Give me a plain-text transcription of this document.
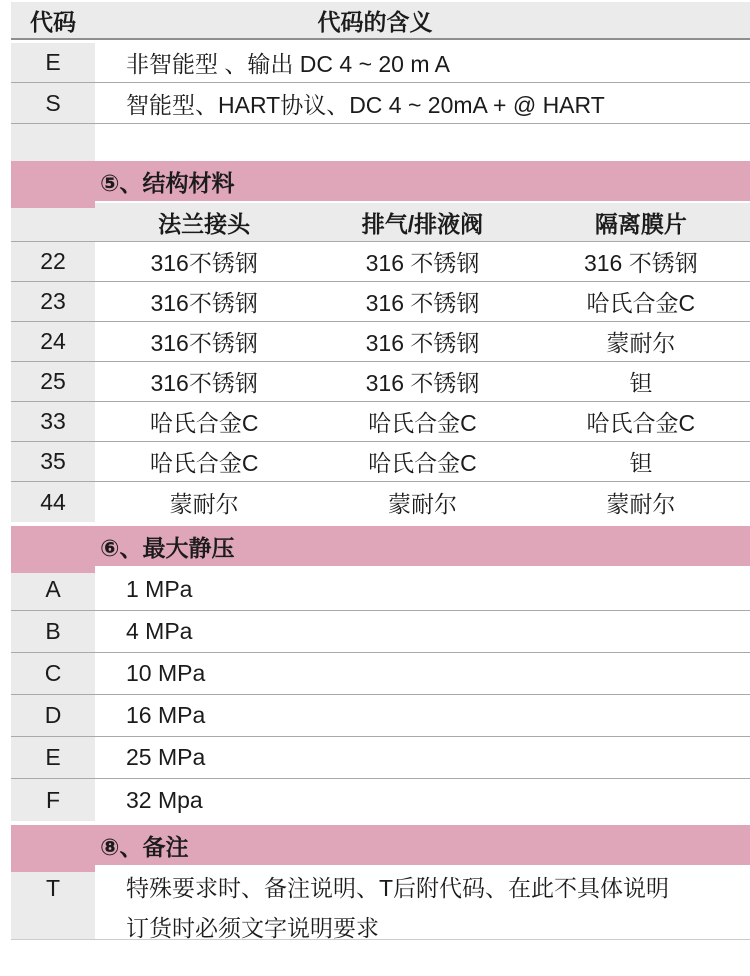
代码	代码的含义
E	非智能型 、输出 DC 4 ~ 20 m A
S	智能型、HART协议、DC 4 ~ 20mA + @ HART
⑤、结构材料
法兰接头	排气/排液阀	隔离膜片
22	316不锈钢	316 不锈钢	316 不锈钢
23	316不锈钢	316 不锈钢	哈氏合金C
24	316不锈钢	316 不锈钢	蒙耐尔
25	316不锈钢	316 不锈钢	钽
33	哈氏合金C	哈氏合金C	哈氏合金C
35	哈氏合金C	哈氏合金C	钽
44	蒙耐尔	蒙耐尔	蒙耐尔
⑥、最大静压
A	1 MPa
B	4 MPa
C	10 MPa
D	16 MPa
E	25 MPa
F	32 Mpa
⑧、备注
T	特殊要求时、备注说明、T后附代码、在此不具体说明
订货时必须文字说明要求
